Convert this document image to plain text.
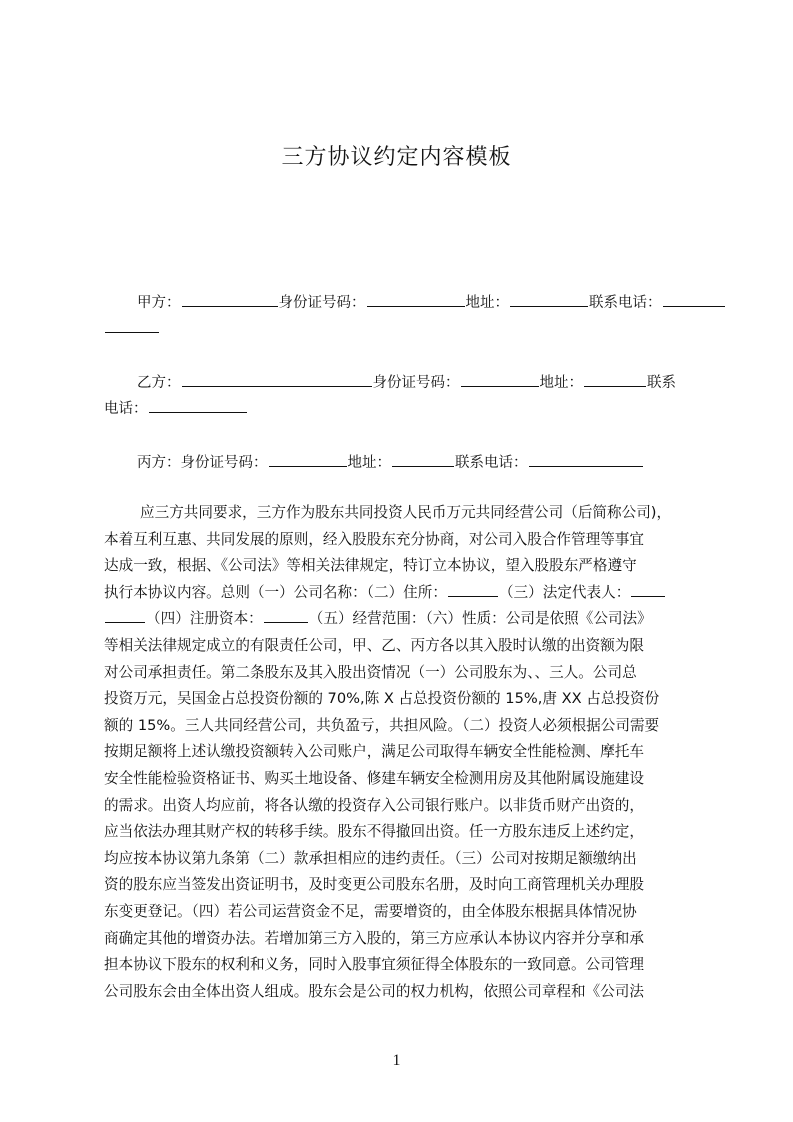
三方协议约定内容模板
甲方：	身份证号码：	地址：	联系电话：
乙方：	身份证号码：	地址：	联系
电话：
丙方：身份证号码：	地址：	联系电话：
应三方共同要求，三方作为股东共同投资人民币万元共同经营公司（后简称公司)，
本着互利互惠、共同发展的原则，经入股股东充分协商，对公司入股合作管理等事宜
达成一致，根据、《公司法》等相关法律规定，特订立本协议，望入股股东严格遵守
执行本协议内容。总则（一）公司名称：（二）住所：	（三）法定代表人：
（四）注册资本：	（五）经营范围：（六）性质：公司是依照《公司法》
等相关法律规定成立的有限责任公司，甲、乙、丙方各以其入股时认缴的出资额为限
对公司承担责任。第二条股东及其入股出资情况（一）公司股东为、、三人。公司总
投资万元，吴国金占总投资份额的 70%,陈 X 占总投资份额的 15%,唐 XX 占总投资份
额的 15%。三人共同经营公司，共负盈亏，共担风险。（二）投资人必须根据公司需要
按期足额将上述认缴投资额转入公司账户，满足公司取得车辆安全性能检测、摩托车
安全性能检验资格证书、购买土地设备、修建车辆安全检测用房及其他附属设施建设
的需求。出资人均应前，将各认缴的投资存入公司银行账户。以非货币财产出资的，
应当依法办理其财产权的转移手续。股东不得撤回出资。任一方股东违反上述约定，
均应按本协议第九条第（二）款承担相应的违约责任。（三）公司对按期足额缴纳出
资的股东应当签发出资证明书，及时变更公司股东名册，及时向工商管理机关办理股
东变更登记。（四）若公司运营资金不足，需要增资的，由全体股东根据具体情况协
商确定其他的增资办法。若增加第三方入股的，第三方应承认本协议内容并分享和承
担本协议下股东的权利和义务，同时入股事宜须征得全体股东的一致同意。公司管理
公司股东会由全体出资人组成。股东会是公司的权力机构，依照公司章程和《公司法
1
